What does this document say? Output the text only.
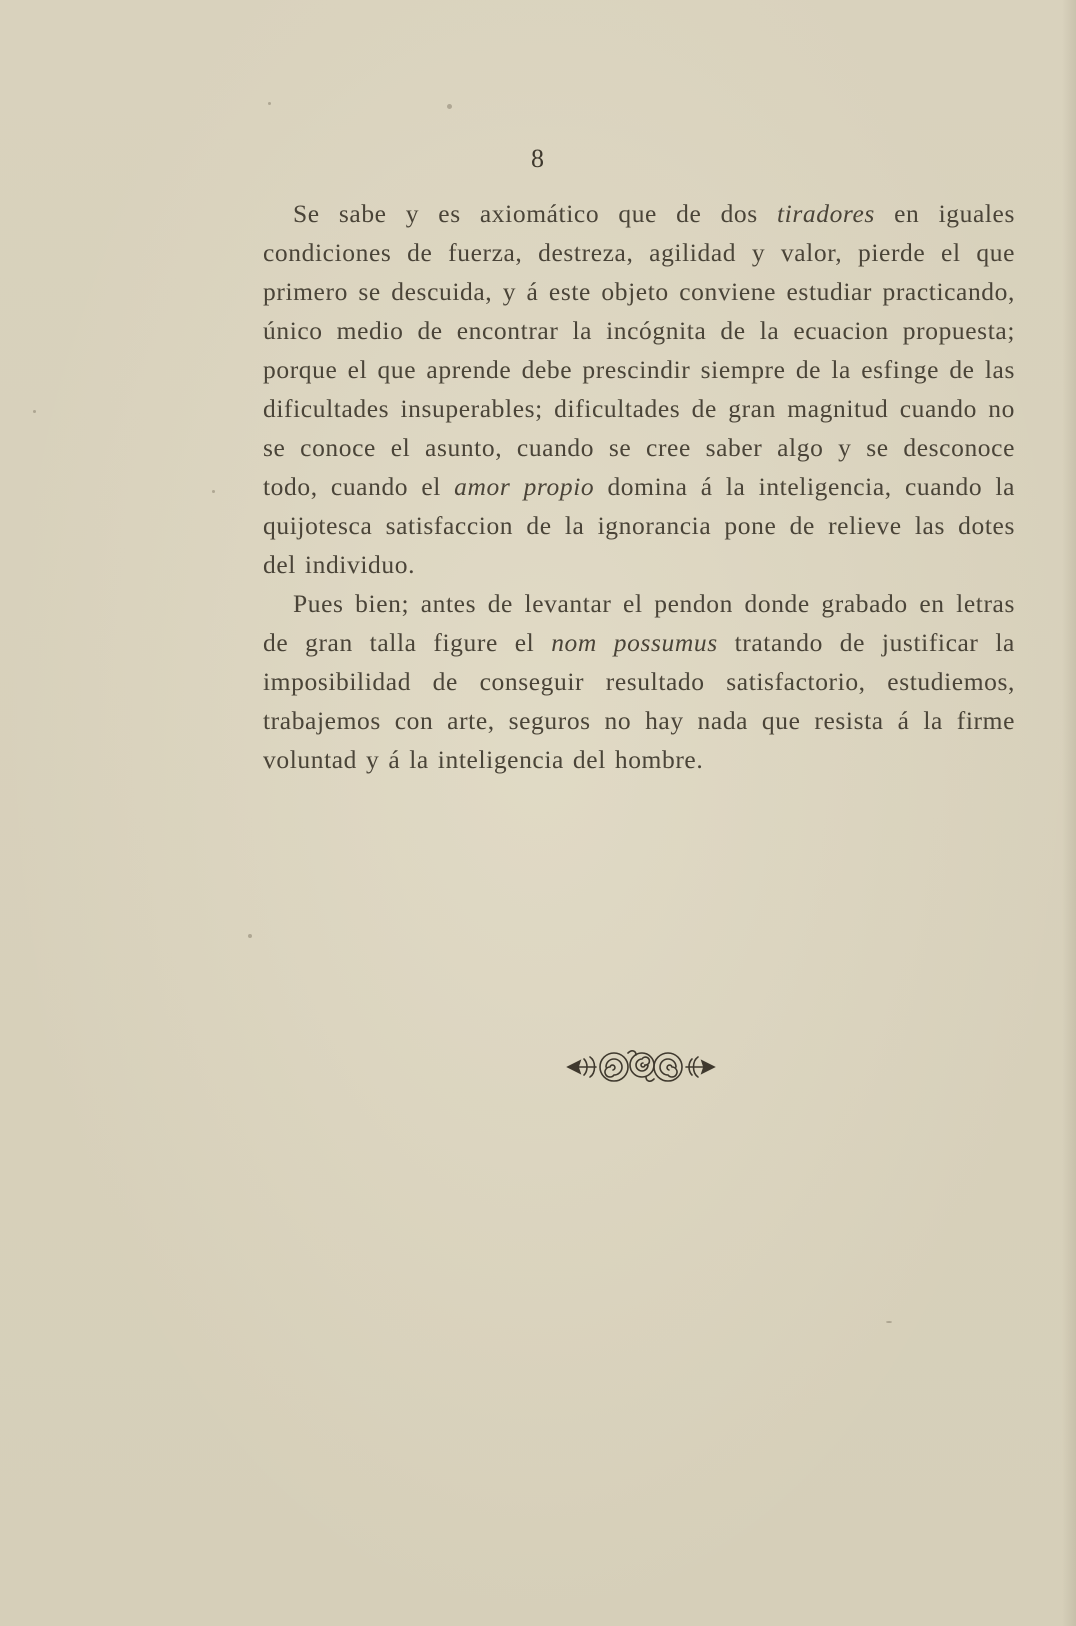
8

Se sabe y es axiomático que de dos tiradores en iguales condiciones de fuerza, destreza, agilidad y valor, pierde el que primero se descuida, y á este objeto conviene estudiar practicando, único medio de encontrar la incógnita de la ecuacion propuesta; porque el que aprende debe prescindir siempre de la esfinge de las dificultades insuperables; dificultades de gran magnitud cuando no se conoce el asunto, cuando se cree saber algo y se desconoce todo, cuando el amor propio domina á la inteligencia, cuando la quijotesca satisfaccion de la ignorancia pone de relieve las dotes del individuo.

Pues bien; antes de levantar el pendon donde grabado en letras de gran talla figure el nom possumus tratando de justificar la imposibilidad de conseguir resultado satisfactorio, estudiemos, trabajemos con arte, seguros no hay nada que resista á la firme voluntad y á la inteligencia del hombre.
